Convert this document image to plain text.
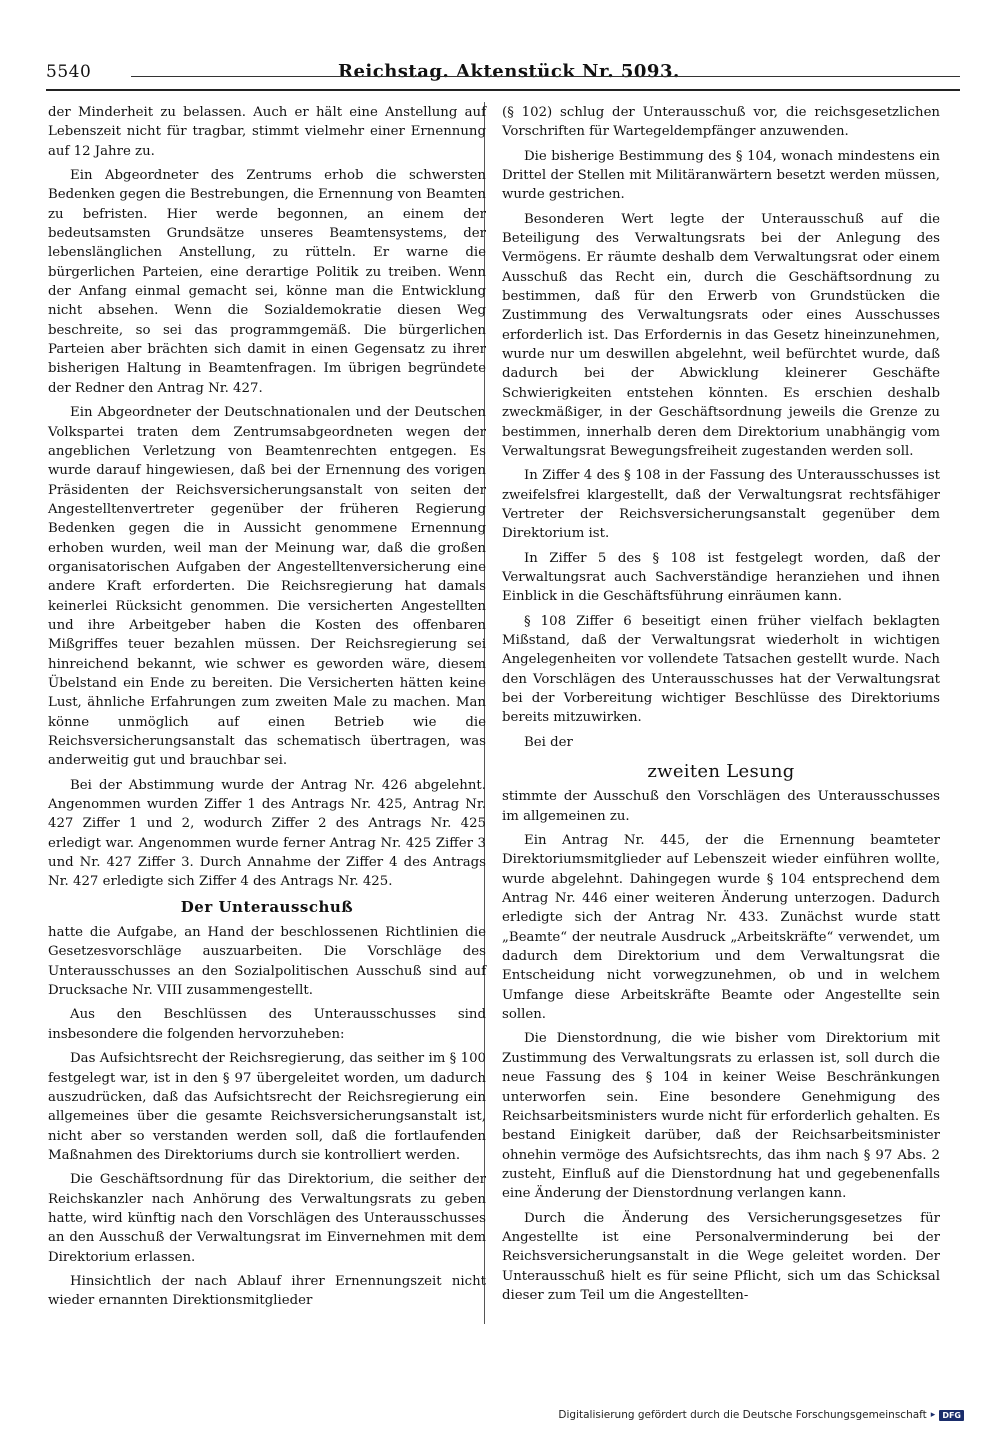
5540	Reichstag. Aktenstück Nr. 5093.

der Minderheit zu belassen. Auch er hält eine Anstellung auf Lebenszeit nicht für tragbar, stimmt vielmehr einer Ernennung auf 12 Jahre zu.

Ein Abgeordneter des Zentrums erhob die schwersten Bedenken gegen die Bestrebungen, die Ernennung von Beamten zu befristen. Hier werde begonnen, an einem der bedeutsamsten Grundsätze unseres Beamtensystems, der lebenslänglichen Anstellung, zu rütteln. Er warne die bürgerlichen Parteien, eine derartige Politik zu treiben. Wenn der Anfang einmal gemacht sei, könne man die Entwicklung nicht absehen. Wenn die Sozialdemokratie diesen Weg beschreite, so sei das programmgemäß. Die bürgerlichen Parteien aber brächten sich damit in einen Gegensatz zu ihrer bisherigen Haltung in Beamtenfragen. Im übrigen begründete der Redner den Antrag Nr. 427.

Ein Abgeordneter der Deutschnationalen und der Deutschen Volkspartei traten dem Zentrumsabgeordneten wegen der angeblichen Verletzung von Beamtenrechten entgegen. Es wurde darauf hingewiesen, daß bei der Ernennung des vorigen Präsidenten der Reichsversicherungsanstalt von seiten der Angestelltenvertreter gegenüber der früheren Regierung Bedenken gegen die in Aussicht genommene Ernennung erhoben wurden, weil man der Meinung war, daß die großen organisatorischen Aufgaben der Angestelltenversicherung eine andere Kraft erforderten. Die Reichsregierung hat damals keinerlei Rücksicht genommen. Die versicherten Angestellten und ihre Arbeitgeber haben die Kosten des offenbaren Mißgriffes teuer bezahlen müssen. Der Reichsregierung sei hinreichend bekannt, wie schwer es geworden wäre, diesem Übelstand ein Ende zu bereiten. Die Versicherten hätten keine Lust, ähnliche Erfahrungen zum zweiten Male zu machen. Man könne unmöglich auf einen Betrieb wie die Reichsversicherungsanstalt das schematisch übertragen, was anderweitig gut und brauchbar sei.

Bei der Abstimmung wurde der Antrag Nr. 426 abgelehnt. Angenommen wurden Ziffer 1 des Antrags Nr. 425, Antrag Nr. 427 Ziffer 1 und 2, wodurch Ziffer 2 des Antrags Nr. 425 erledigt war. Angenommen wurde ferner Antrag Nr. 425 Ziffer 3 und Nr. 427 Ziffer 3. Durch Annahme der Ziffer 4 des Antrags Nr. 427 erledigte sich Ziffer 4 des Antrags Nr. 425.

Der Unterausschuß

hatte die Aufgabe, an Hand der beschlossenen Richtlinien die Gesetzesvorschläge auszuarbeiten. Die Vorschläge des Unterausschusses an den Sozialpolitischen Ausschuß sind auf Drucksache Nr. VIII zusammengestellt.

Aus den Beschlüssen des Unterausschusses sind insbesondere die folgenden hervorzuheben:

Das Aufsichtsrecht der Reichsregierung, das seither im § 100 festgelegt war, ist in den § 97 übergeleitet worden, um dadurch auszudrücken, daß das Aufsichtsrecht der Reichsregierung ein allgemeines über die gesamte Reichsversicherungsanstalt ist, nicht aber so verstanden werden soll, daß die fortlaufenden Maßnahmen des Direktoriums durch sie kontrolliert werden.

Die Geschäftsordnung für das Direktorium, die seither der Reichskanzler nach Anhörung des Verwaltungsrats zu geben hatte, wird künftig nach den Vorschlägen des Unterausschusses an den Ausschuß der Verwaltungsrat im Einvernehmen mit dem Direktorium erlassen.

Hinsichtlich der nach Ablauf ihrer Ernennungszeit nicht wieder ernannten Direktionsmitglieder

(§ 102) schlug der Unterausschuß vor, die reichsgesetzlichen Vorschriften für Wartegeldempfänger anzuwenden.

Die bisherige Bestimmung des § 104, wonach mindestens ein Drittel der Stellen mit Militäranwärtern besetzt werden müssen, wurde gestrichen.

Besonderen Wert legte der Unterausschuß auf die Beteiligung des Verwaltungsrats bei der Anlegung des Vermögens. Er räumte deshalb dem Verwaltungsrat oder einem Ausschuß das Recht ein, durch die Geschäftsordnung zu bestimmen, daß für den Erwerb von Grundstücken die Zustimmung des Verwaltungsrats oder eines Ausschusses erforderlich ist. Das Erfordernis in das Gesetz hineinzunehmen, wurde nur um deswillen abgelehnt, weil befürchtet wurde, daß dadurch bei der Abwicklung kleinerer Geschäfte Schwierigkeiten entstehen könnten. Es erschien deshalb zweckmäßiger, in der Geschäftsordnung jeweils die Grenze zu bestimmen, innerhalb deren dem Direktorium unabhängig vom Verwaltungsrat Bewegungsfreiheit zugestanden werden soll.

In Ziffer 4 des § 108 in der Fassung des Unterausschusses ist zweifelsfrei klargestellt, daß der Verwaltungsrat rechtsfähiger Vertreter der Reichsversicherungsanstalt gegenüber dem Direktorium ist.

In Ziffer 5 des § 108 ist festgelegt worden, daß der Verwaltungsrat auch Sachverständige heranziehen und ihnen Einblick in die Geschäftsführung einräumen kann.

§ 108 Ziffer 6 beseitigt einen früher vielfach beklagten Mißstand, daß der Verwaltungsrat wiederholt in wichtigen Angelegenheiten vor vollendete Tatsachen gestellt wurde. Nach den Vorschlägen des Unterausschusses hat der Verwaltungsrat bei der Vorbereitung wichtiger Beschlüsse des Direktoriums bereits mitzuwirken.

Bei der

zweiten Lesung

stimmte der Ausschuß den Vorschlägen des Unterausschusses im allgemeinen zu.

Ein Antrag Nr. 445, der die Ernennung beamteter Direktoriumsmitglieder auf Lebenszeit wieder einführen wollte, wurde abgelehnt. Dahingegen wurde § 104 entsprechend dem Antrag Nr. 446 einer weiteren Änderung unterzogen. Dadurch erledigte sich der Antrag Nr. 433. Zunächst wurde statt „Beamte“ der neutrale Ausdruck „Arbeitskräfte“ verwendet, um dadurch dem Direktorium und dem Verwaltungsrat die Entscheidung nicht vorwegzunehmen, ob und in welchem Umfange diese Arbeitskräfte Beamte oder Angestellte sein sollen.

Die Dienstordnung, die wie bisher vom Direktorium mit Zustimmung des Verwaltungsrats zu erlassen ist, soll durch die neue Fassung des § 104 in keiner Weise Beschränkungen unterworfen sein. Eine besondere Genehmigung des Reichsarbeitsministers wurde nicht für erforderlich gehalten. Es bestand Einigkeit darüber, daß der Reichsarbeitsminister ohnehin vermöge des Aufsichtsrechts, das ihm nach § 97 Abs. 2 zusteht, Einfluß auf die Dienstordnung hat und gegebenenfalls eine Änderung der Dienstordnung verlangen kann.

Durch die Änderung des Versicherungsgesetzes für Angestellte ist eine Personalverminderung bei der Reichsversicherungsanstalt in die Wege geleitet worden. Der Unterausschuß hielt es für seine Pflicht, sich um das Schicksal dieser zum Teil um die Angestellten-

Digitalisierung gefördert durch die Deutsche Forschungsgemeinschaft ▸ DFG
